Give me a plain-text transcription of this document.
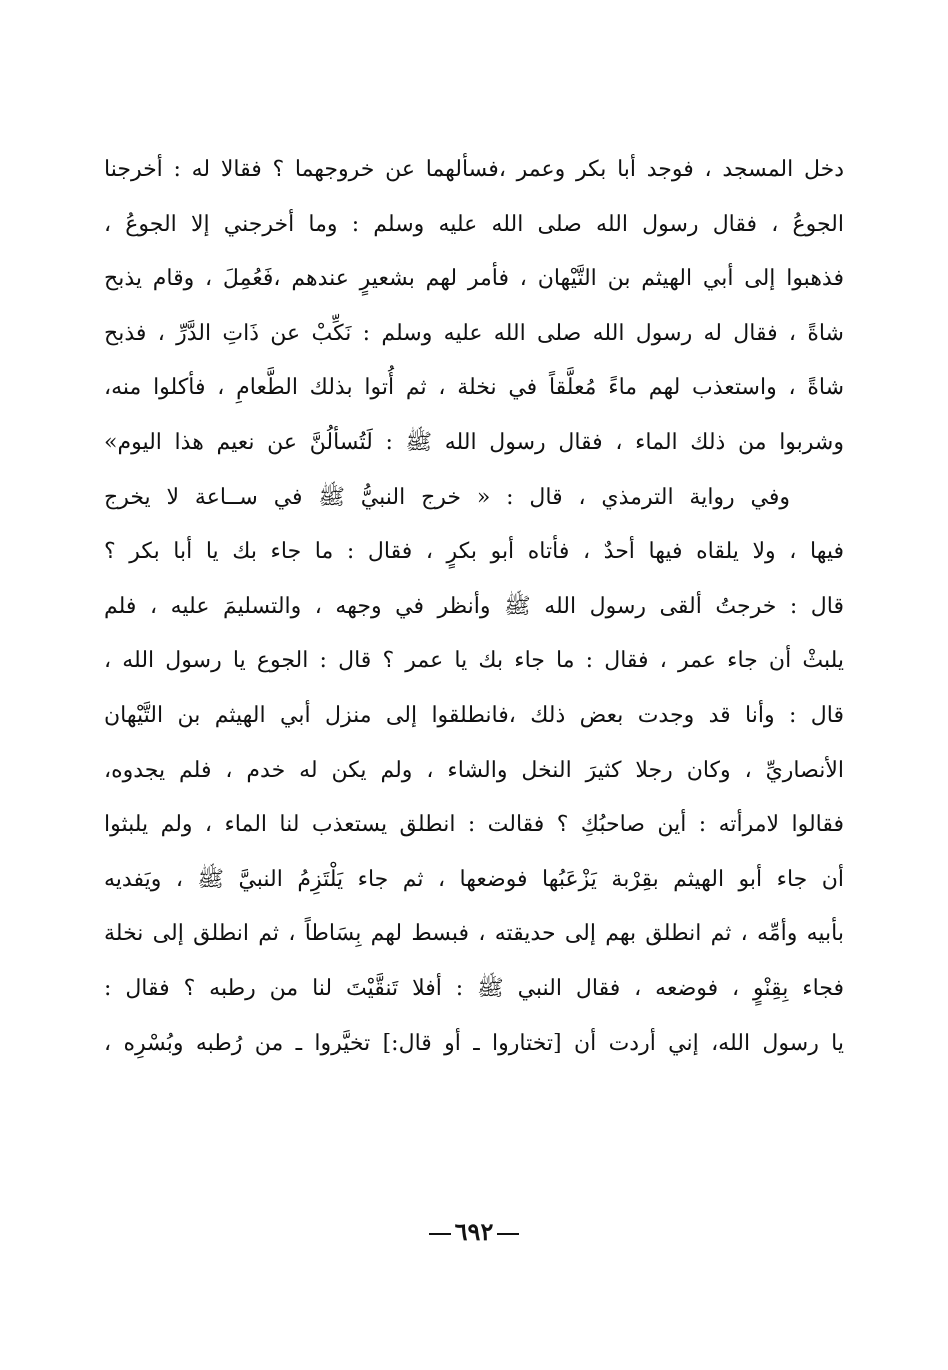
دخل المسجد ، فوجد أبا بكر وعمر ،فسألهما عن خروجهما ؟ فقالا له : أخرجنا
الجوعُ ، فقال رسول الله صلى الله عليه وسلم : وما أخرجني إلا الجوعُ ،
فذهبوا إلى أبي الهيثم بن التَّيْهان ، فأمر لهم بشعيرٍ عندهم ،فَعُمِلَ ، وقام يذبح
شاةً ، فقال له رسول الله صلى الله عليه وسلم : نَكِّبْ عن ذَاتِ الدَّرِّ ، فذبح
شاةً ، واستعذب لهم ماءً مُعلَّقاً في نخلة ، ثم أُتوا بذلك الطَّعامِ ، فأكلوا منه،
وشربوا من ذلك الماء ، فقال رسول الله ﷺ : لَتُسألُنَّ عن نعيم هذا اليوم»
وفي رواية الترمذي ، قال : « خرج النبيُّ ﷺ في ســاعة لا يخرج
فيها ، ولا يلقاه فيها أحدٌ ، فأتاه أبو بكرٍ ، فقال : ما جاء بك يا أبا بكر ؟
قال : خرجتُ ألقى رسول الله ﷺ وأنظر في وجهه ، والتسليمَ عليه ، فلم
يلبثْ أن جاء عمر ، فقال : ما جاء بك يا عمر ؟ قال : الجوع يا رسول الله ،
قال : وأنا قد وجدت بعض ذلك ،فانطلقوا إلى منزل أبي الهيثم بن التَّيْهان
الأنصاريِّ ، وكان رجلا كثيرَ النخل والشاء ، ولم يكن له خدم ، فلم يجدوه،
فقالوا لامرأته : أين صاحبُكِ ؟ فقالت : انطلق يستعذب لنا الماء ، ولم يلبثوا
أن جاء أبو الهيثم بقِرْبة يَزْعَبُها فوضعها ، ثم جاء يَلْتَزِمُ النبيَّ ﷺ ، ويَفديه
بأبيه وأمِّه ، ثم انطلق بهم إلى حديقته ، فبسط لهم بِسَاطاً ، ثم انطلق إلى نخلة
فجاء بِقِنْوٍ ، فوضعه ، فقال النبي ﷺ : أفلا تَنقَّيْتَ لنا من رطبه ؟ فقال :
يا رسول الله، إني أردت أن [تختاروا ـ أو قال:] تخيَّروا ـ من رُطبه وبُسْرِه ،
٦٩٢
